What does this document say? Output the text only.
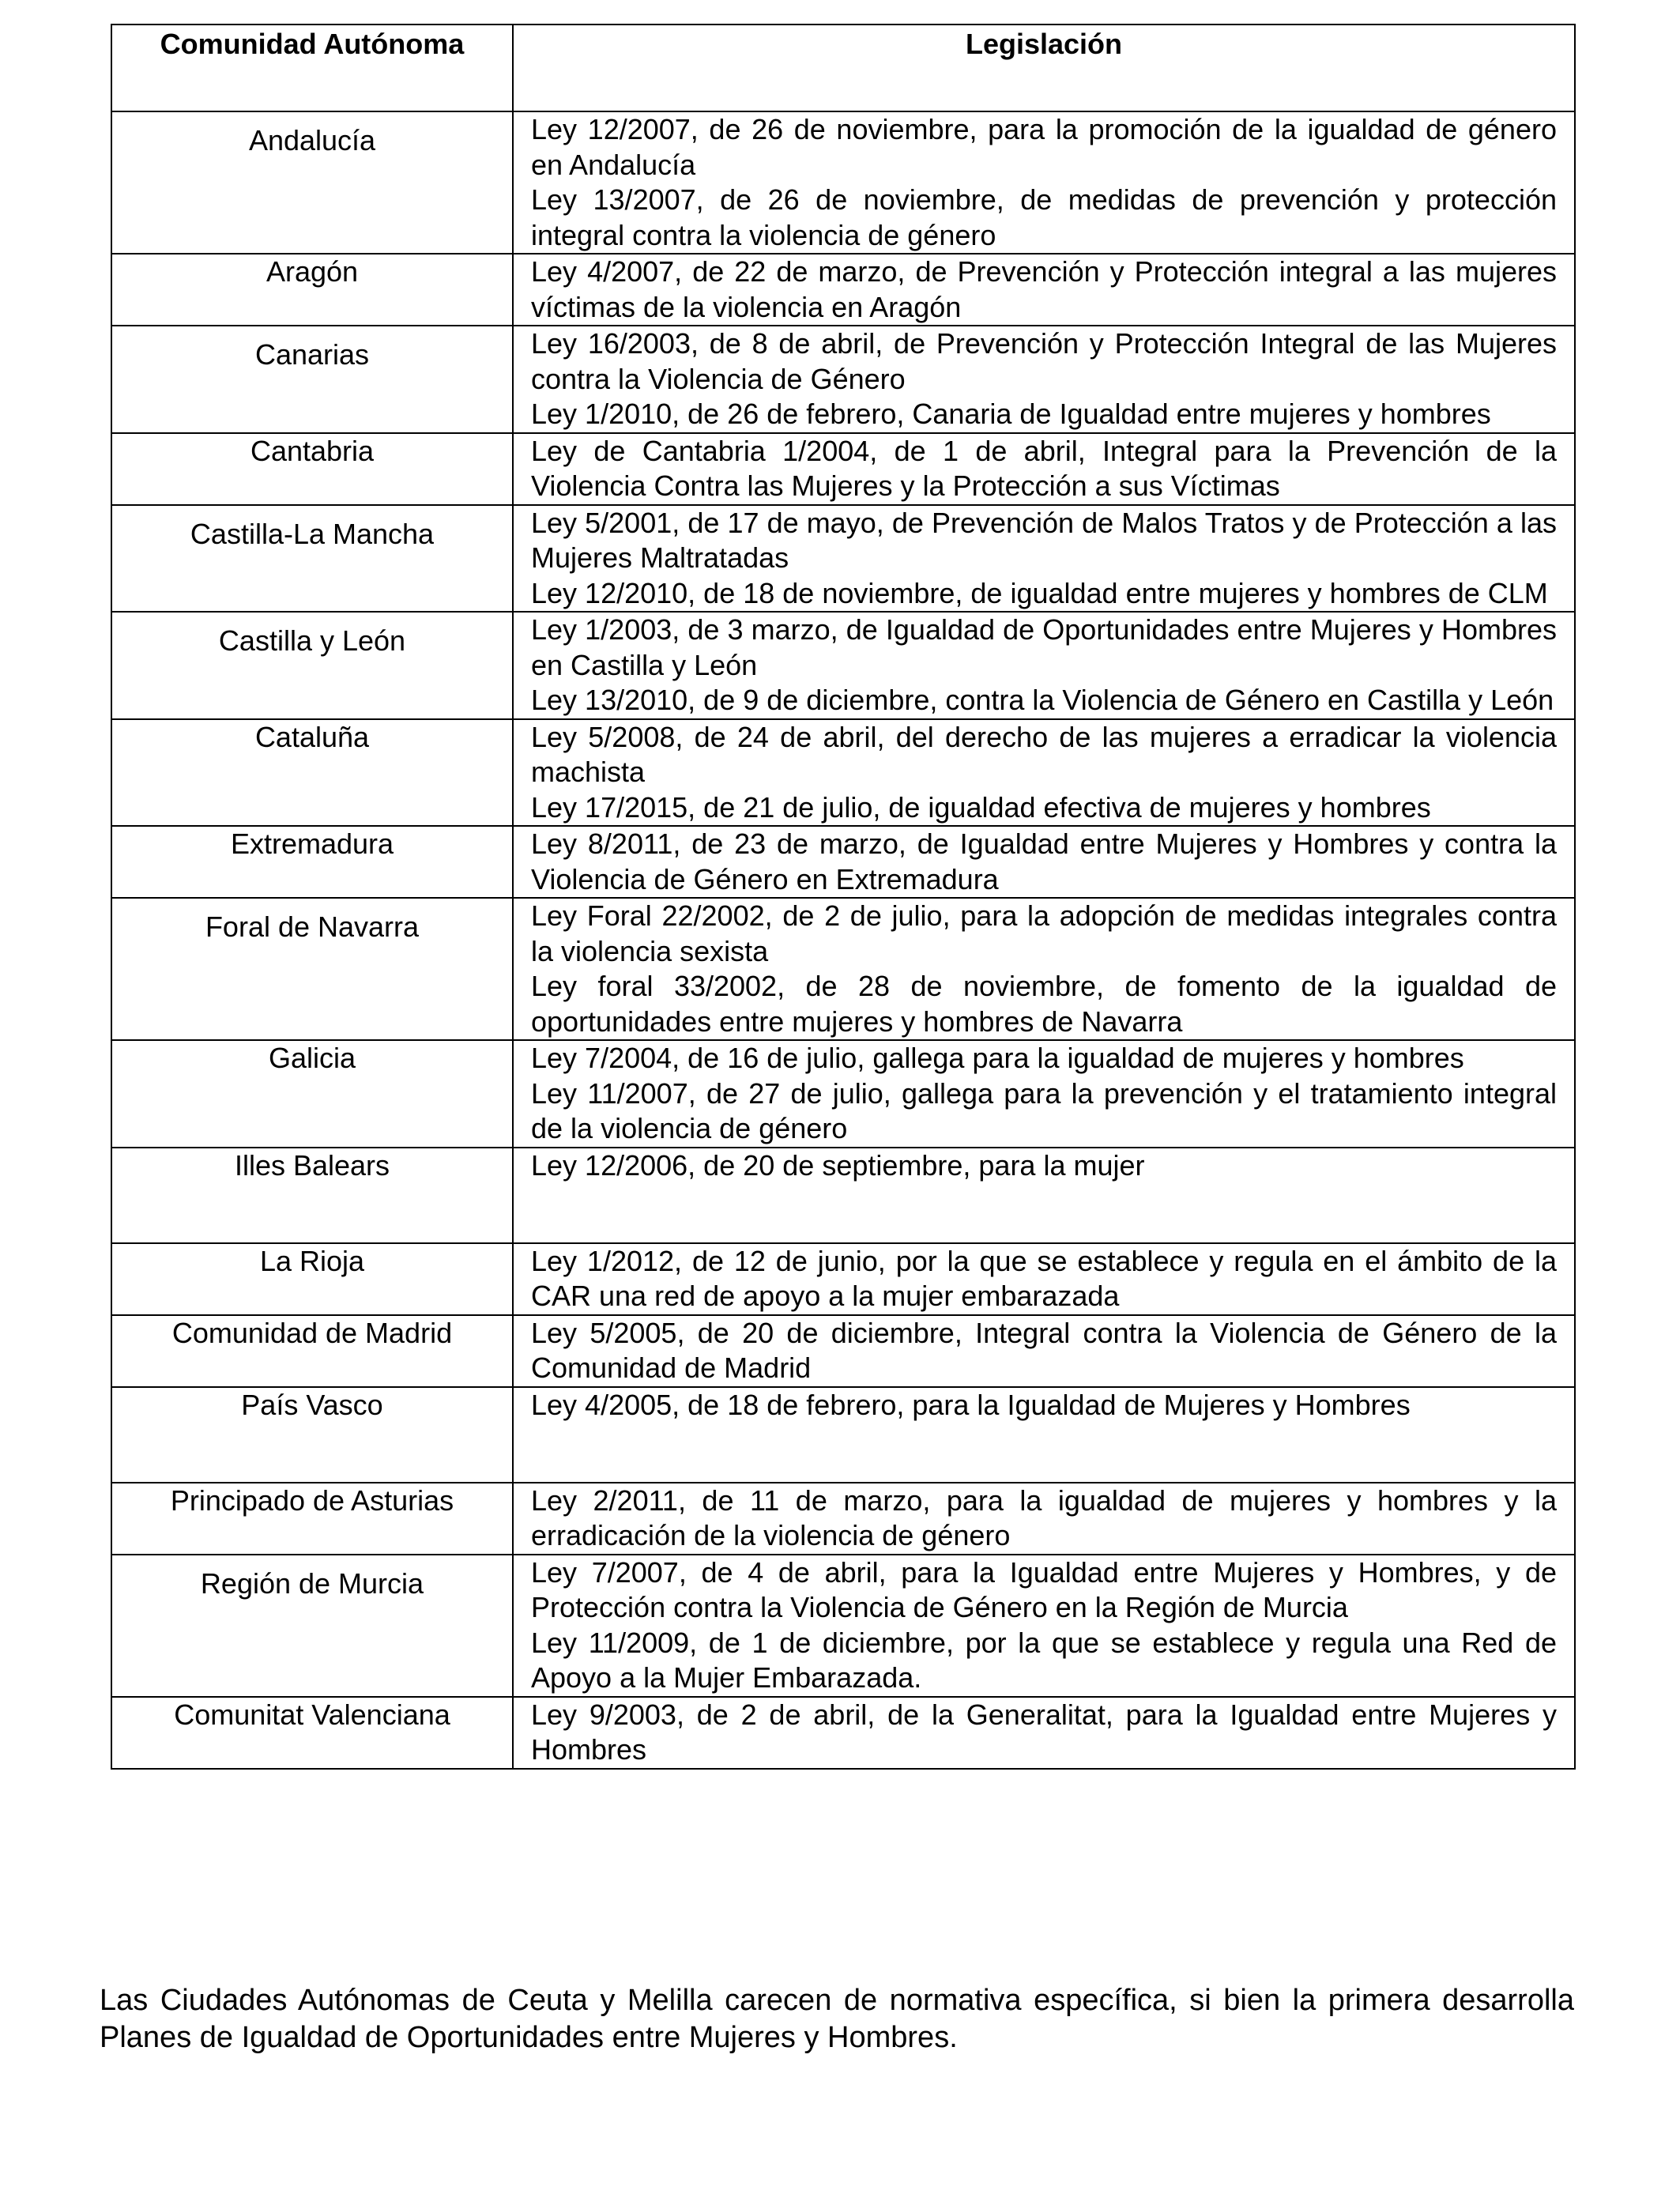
Comunidad Autónoma	Legislación
Andalucía	Ley 12/2007, de 26 de noviembre, para la promoción de la igualdad de género en Andalucía
Ley 13/2007, de 26 de noviembre, de medidas de prevención y protección integral contra la violencia de género

Aragón	Ley 4/2007, de 22 de marzo, de Prevención y Protección integral a las mujeres víctimas de la violencia en Aragón

Canarias	Ley 16/2003, de 8 de abril, de Prevención y Protección Integral de las Mujeres contra la Violencia de Género
Ley 1/2010, de 26 de febrero, Canaria de Igualdad entre mujeres y hombres

Cantabria	Ley de Cantabria 1/2004, de 1 de abril, Integral para la Prevención de la Violencia Contra las Mujeres y la Protección a sus Víctimas

Castilla-La Mancha	Ley 5/2001, de 17 de mayo, de Prevención de Malos Tratos y de Protección a las Mujeres Maltratadas
Ley 12/2010, de 18 de noviembre, de igualdad entre mujeres y hombres de CLM

Castilla y León	Ley 1/2003, de 3 marzo, de Igualdad de Oportunidades entre Mujeres y Hombres en Castilla y León
Ley 13/2010, de 9 de diciembre, contra la Violencia de Género en Castilla y León

Cataluña	Ley 5/2008, de 24 de abril, del derecho de las mujeres a erradicar la violencia machista
Ley 17/2015, de 21 de julio, de igualdad efectiva de mujeres y hombres

Extremadura	Ley 8/2011, de 23 de marzo, de Igualdad entre Mujeres y Hombres y contra la Violencia de Género en Extremadura

Foral de Navarra	Ley Foral 22/2002, de 2 de julio, para la adopción de medidas integrales contra la violencia sexista
Ley foral 33/2002, de 28 de noviembre, de fomento de la igualdad de oportunidades entre mujeres y hombres de Navarra

Galicia	Ley 7/2004, de 16 de julio, gallega para la igualdad de mujeres y hombres
Ley 11/2007, de 27 de julio, gallega para la prevención y el tratamiento integral de la violencia de género

Illes Balears	Ley 12/2006, de 20 de septiembre, para la mujer

La Rioja	Ley 1/2012, de 12 de junio, por la que se establece y regula en el ámbito de la CAR una red de apoyo a la mujer embarazada

Comunidad de Madrid	Ley 5/2005, de 20 de diciembre, Integral contra la Violencia de Género de la Comunidad de Madrid

País Vasco	Ley 4/2005, de 18 de febrero, para la Igualdad de Mujeres y Hombres

Principado de Asturias	Ley 2/2011, de 11 de marzo, para la igualdad de mujeres y hombres y la erradicación de la violencia de género

Región de Murcia	Ley 7/2007, de 4 de abril, para la Igualdad entre Mujeres y Hombres, y de Protección contra la Violencia de Género en la Región de Murcia
Ley 11/2009, de 1 de diciembre, por la que se establece y regula una Red de Apoyo a la Mujer Embarazada.

Comunitat Valenciana	Ley 9/2003, de 2 de abril, de la Generalitat, para la Igualdad entre Mujeres y Hombres

Las Ciudades Autónomas de Ceuta y Melilla carecen de normativa específica, si bien la primera desarrolla Planes de Igualdad de Oportunidades entre Mujeres y Hombres.
